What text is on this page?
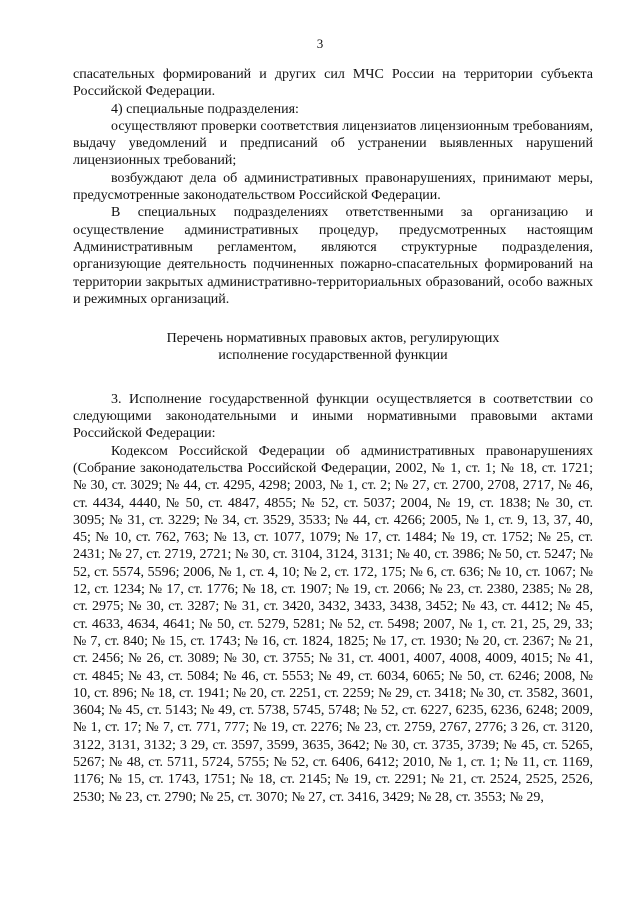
3

спасательных формирований и других сил МЧС России на территории субъекта Российской Федерации.

4) специальные подразделения:

осуществляют проверки соответствия лицензиатов лицензионным требованиям, выдачу уведомлений и предписаний об устранении выявленных нарушений лицензионных требований;

возбуждают дела об административных правонарушениях, принимают меры, предусмотренные законодательством Российской Федерации.

В специальных подразделениях ответственными за организацию и осуществление административных процедур, предусмотренных настоящим Административным регламентом, являются структурные подразделения, организующие деятельность подчиненных пожарно-спасательных формирований на территории закрытых административно-территориальных образований, особо важных и режимных организаций.

Перечень нормативных правовых актов, регулирующих
исполнение государственной функции

3. Исполнение государственной функции осуществляется в соответствии со следующими законодательными и иными нормативными правовыми актами Российской Федерации:

Кодексом Российской Федерации об административных правонарушениях (Собрание законодательства Российской Федерации, 2002, № 1, ст. 1; № 18, ст. 1721; № 30, ст. 3029; № 44, ст. 4295, 4298; 2003, № 1, ст. 2; № 27, ст. 2700, 2708, 2717, № 46, ст. 4434, 4440, № 50, ст. 4847, 4855; № 52, ст. 5037; 2004, № 19, ст. 1838; № 30, ст. 3095; № 31, ст. 3229; № 34, ст. 3529, 3533; № 44, ст. 4266; 2005, № 1, ст. 9, 13, 37, 40, 45; № 10, ст. 762, 763; № 13, ст. 1077, 1079; № 17, ст. 1484; № 19, ст. 1752; № 25, ст. 2431; № 27, ст. 2719, 2721; № 30, ст. 3104, 3124, 3131; № 40, ст. 3986; № 50, ст. 5247; № 52, ст. 5574, 5596; 2006, № 1, ст. 4, 10; № 2, ст. 172, 175; № 6, ст. 636; № 10, ст. 1067; № 12, ст. 1234; № 17, ст. 1776; № 18, ст. 1907; № 19, ст. 2066; № 23, ст. 2380, 2385; № 28, ст. 2975; № 30, ст. 3287; № 31, ст. 3420, 3432, 3433, 3438, 3452; № 43, ст. 4412; № 45, ст. 4633, 4634, 4641; № 50, ст. 5279, 5281; № 52, ст. 5498; 2007, № 1, ст. 21, 25, 29, 33; № 7, ст. 840; № 15, ст. 1743; № 16, ст. 1824, 1825; № 17, ст. 1930; № 20, ст. 2367; № 21, ст. 2456; № 26, ст. 3089; № 30, ст. 3755; № 31, ст. 4001, 4007, 4008, 4009, 4015; № 41, ст. 4845; № 43, ст. 5084; № 46, ст. 5553; № 49, ст. 6034, 6065; № 50, ст. 6246; 2008, № 10, ст. 896; № 18, ст. 1941; № 20, ст. 2251, ст. 2259; № 29, ст. 3418; № 30, ст. 3582, 3601, 3604; № 45, ст. 5143; № 49, ст. 5738, 5745, 5748; № 52, ст. 6227, 6235, 6236, 6248; 2009, № 1, ст. 17; № 7, ст. 771, 777; № 19, ст. 2276; № 23, ст. 2759, 2767, 2776; 3 26, ст. 3120, 3122, 3131, 3132; 3 29, ст. 3597, 3599, 3635, 3642; № 30, ст. 3735, 3739; № 45, ст. 5265, 5267; № 48, ст. 5711, 5724, 5755; № 52, ст. 6406, 6412; 2010, № 1, ст. 1; № 11, ст. 1169, 1176; № 15, ст. 1743, 1751; № 18, ст. 2145; № 19, ст. 2291; № 21, ст. 2524, 2525, 2526, 2530; № 23, ст. 2790; № 25, ст. 3070; № 27, ст. 3416, 3429; № 28, ст. 3553; № 29,
